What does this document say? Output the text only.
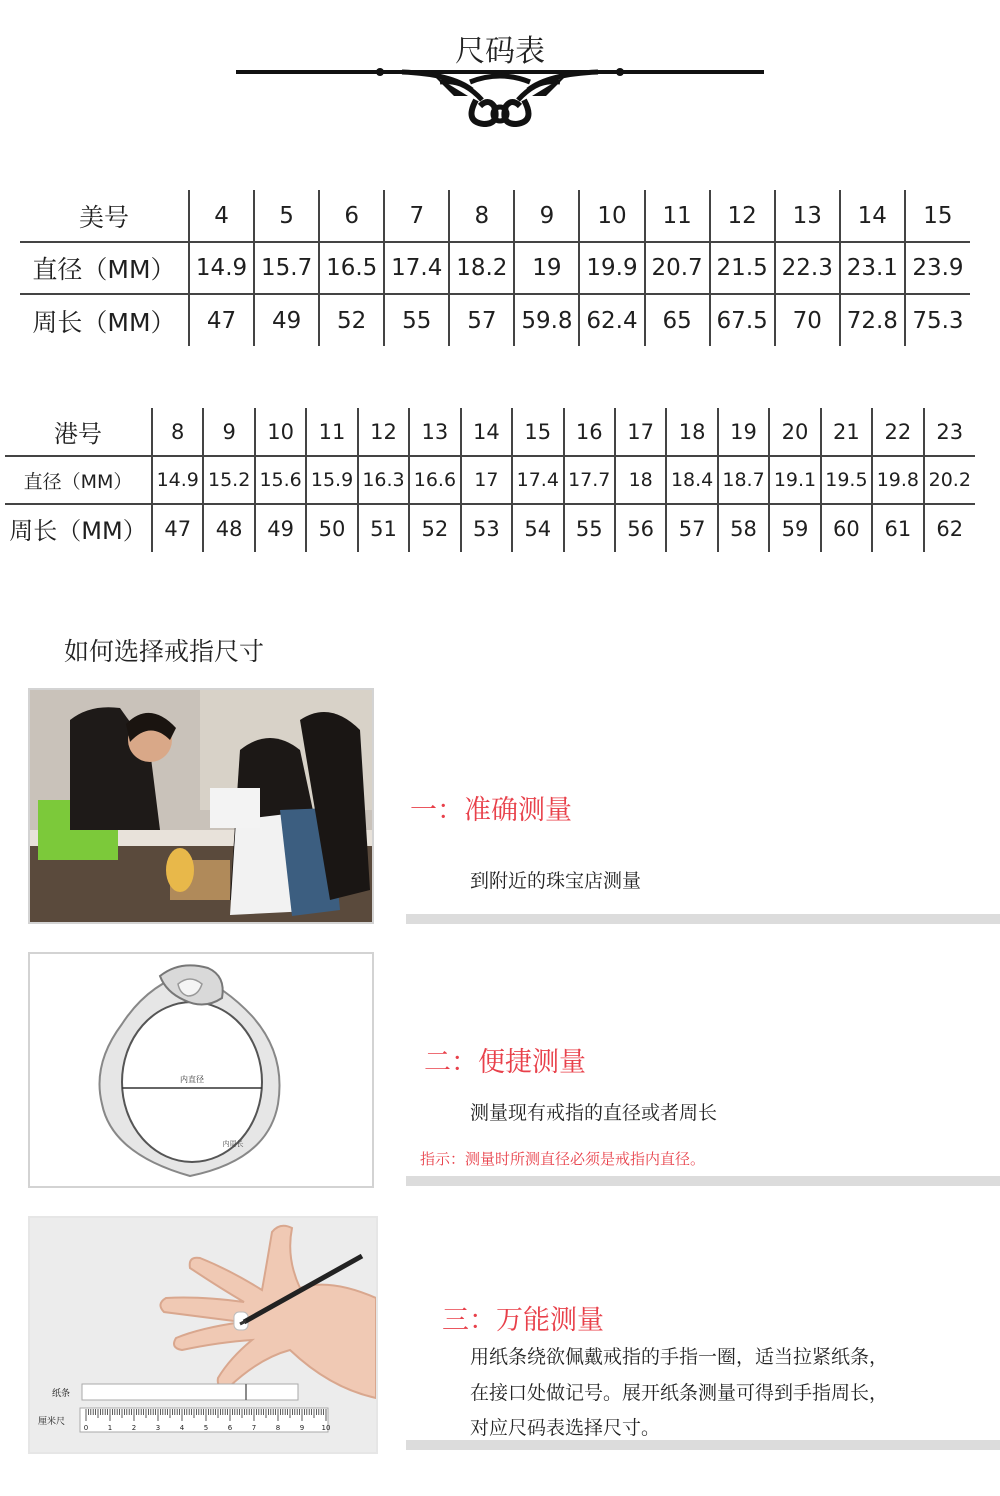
尺码表
美号	4	5	6	7	8	9	10	11	12	13	14	15
直径（MM）	14.9	15.7	16.5	17.4	18.2	19	19.9	20.7	21.5	22.3	23.1	23.9
周长（MM）	47	49	52	55	57	59.8	62.4	65	67.5	70	72.8	75.3
港号	8	9	10	11	12	13	14	15	16	17	18	19	20	21	22	23
直径（MM）	14.9	15.2	15.6	15.9	16.3	16.6	17	17.4	17.7	18	18.4	18.7	19.1	19.5	19.8	20.2
周长（MM）	47	48	49	50	51	52	53	54	55	56	57	58	59	60	61	62
如何选择戒指尺寸
一：准确测量
到附近的珠宝店测量
内直径
内周长
二：便捷测量
测量现有戒指的直径或者周长
指示：测量时所测直径必须是戒指内直径。
纸条
厘米尺
0	1	2	3	4	5	6	7	8	9 10
三：万能测量
用纸条绕欲佩戴戒指的手指一圈，适当拉紧纸条，
在接口处做记号。展开纸条测量可得到手指周长，
对应尺码表选择尺寸。
